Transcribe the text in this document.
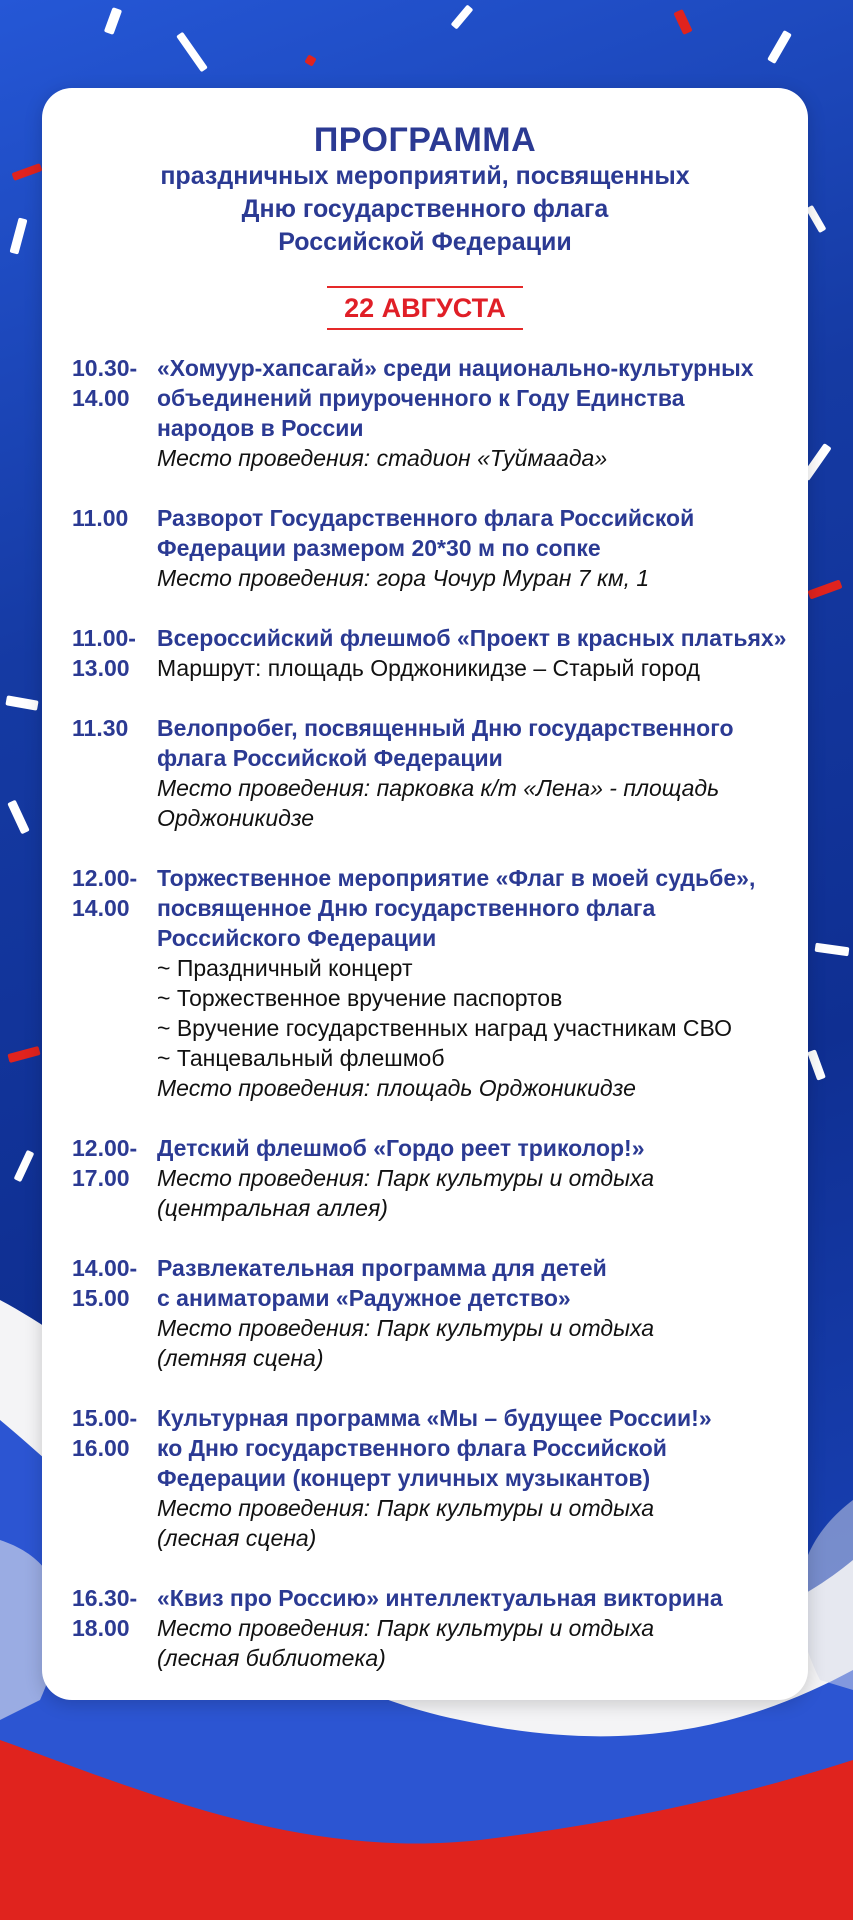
ПРОГРАММА
праздничных мероприятий, посвященных
Дню государственного флага
Российской Федерации
22 АВГУСТА
10.30-
14.00
«Хомуур-хапсагай» среди национально-культурных
объединений приуроченного к Году Единства
народов в России
Место проведения: стадион «Туймаада»
11.00	Разворот Государственного флага Российской
Федерации размером 20*30 м по сопке
Место проведения: гора Чочур Муран 7 км, 1
11.00-
13.00
Всероссийский флешмоб «Проект в красных платьях»
Маршрут: площадь Орджоникидзе – Старый город
11.30	Велопробег, посвященный Дню государственного
флага Российской Федерации
Место проведения: парковка к/т «Лена» - площадь
Орджоникидзе
12.00-
14.00
Торжественное мероприятие «Флаг в моей судьбе»,
посвященное Дню государственного флага
Российского Федерации
~ Праздничный концерт
~ Торжественное вручение паспортов
~ Вручение государственных наград участникам СВО
~ Танцевальный флешмоб
Место проведения: площадь Орджоникидзе
12.00-
17.00
Детский флешмоб «Гордо реет триколор!»
Место проведения: Парк культуры и отдыха
(центральная аллея)
14.00-
15.00
Развлекательная программа для детей
с аниматорами «Радужное детство»
Место проведения: Парк культуры и отдыха
(летняя сцена)
15.00-
16.00
Культурная программа «Мы – будущее России!»
ко Дню государственного флага Российской
Федерации (концерт уличных музыкантов)
Место проведения: Парк культуры и отдыха
(лесная сцена)
16.30-
18.00
«Квиз про Россию» интеллектуальная викторина
Место проведения: Парк культуры и отдыха
(лесная библиотека)
